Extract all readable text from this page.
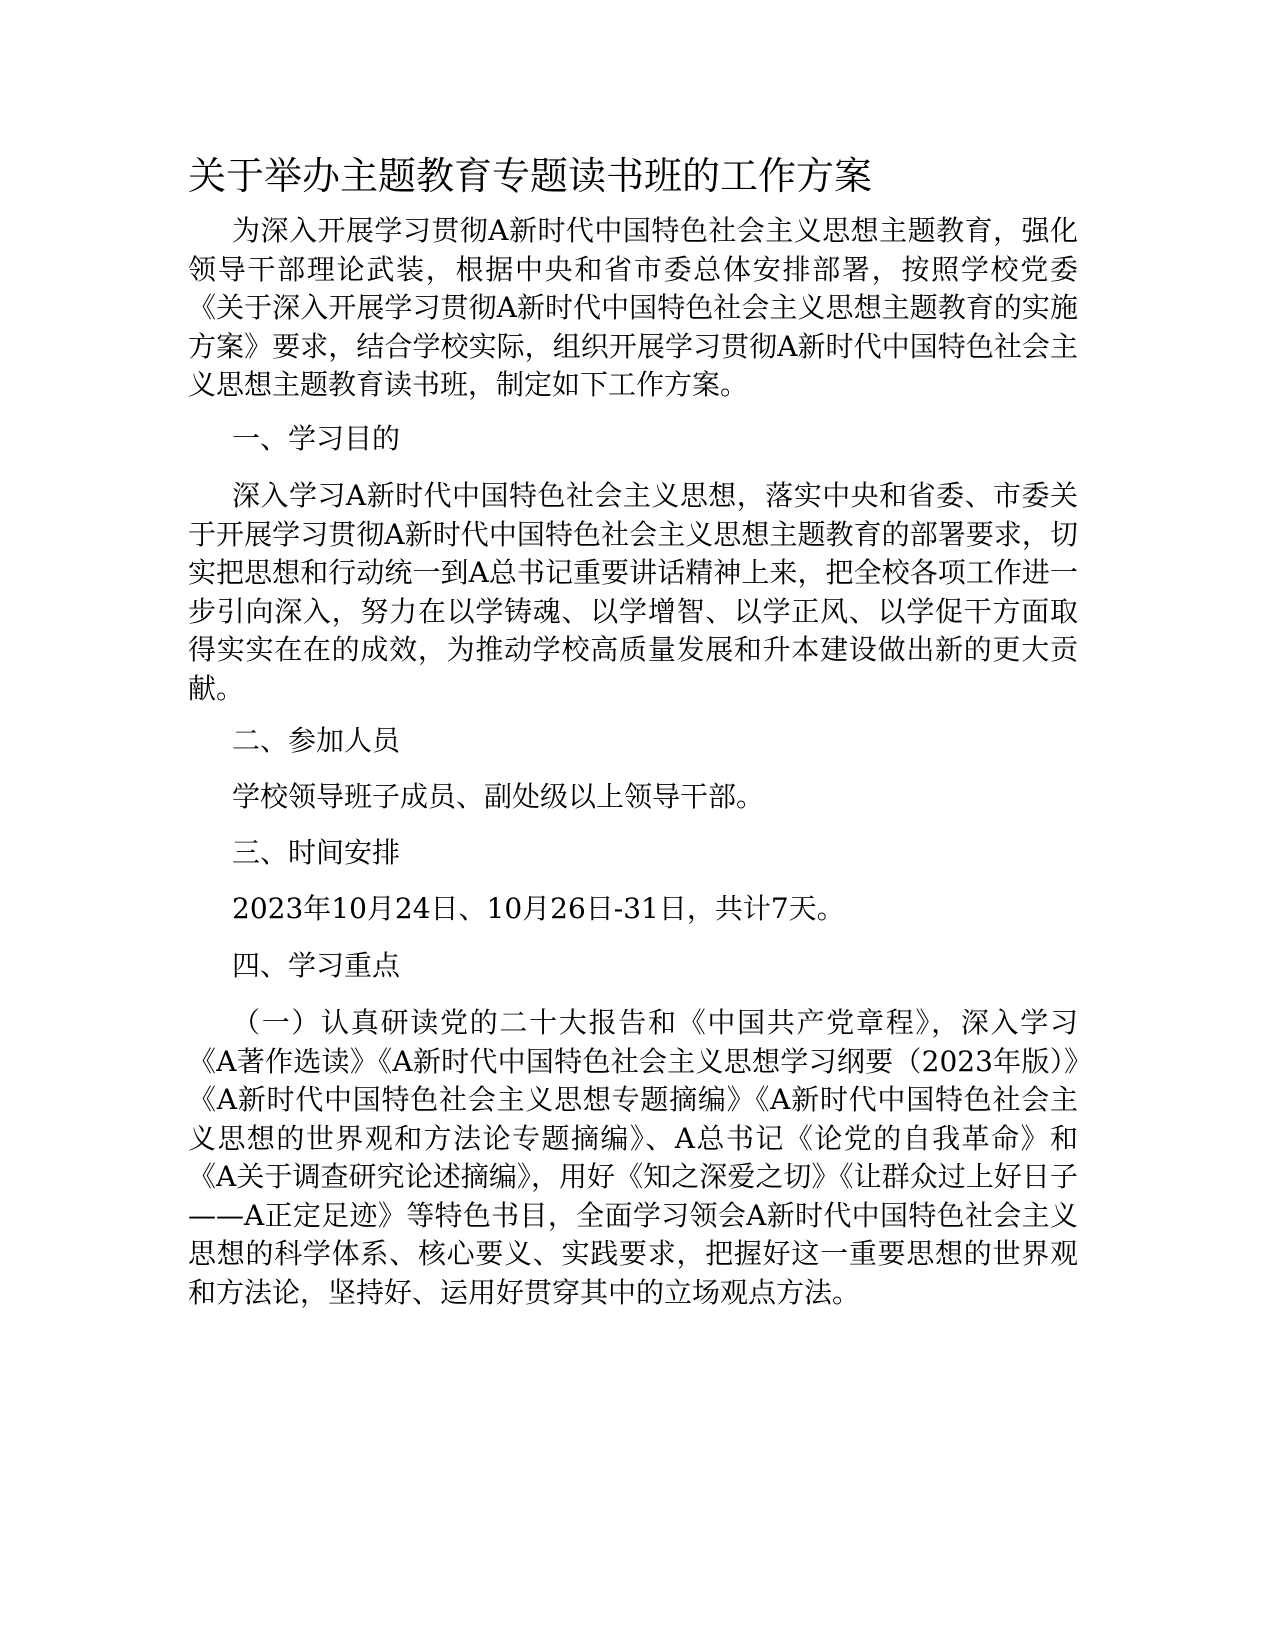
关于举办主题教育专题读书班的工作方案

为深入开展学习贯彻A新时代中国特色社会主义思想主题教育，强化领导干部理论武装，根据中央和省市委总体安排部署，按照学校党委《关于深入开展学习贯彻A新时代中国特色社会主义思想主题教育的实施方案》要求，结合学校实际，组织开展学习贯彻A新时代中国特色社会主义思想主题教育读书班，制定如下工作方案。

一、学习目的

深入学习A新时代中国特色社会主义思想，落实中央和省委、市委关于开展学习贯彻A新时代中国特色社会主义思想主题教育的部署要求，切实把思想和行动统一到A总书记重要讲话精神上来，把全校各项工作进一步引向深入，努力在以学铸魂、以学增智、以学正风、以学促干方面取得实实在在的成效，为推动学校高质量发展和升本建设做出新的更大贡献。

二、参加人员

学校领导班子成员、副处级以上领导干部。

三、时间安排

2023年10月24日、10月26日-31日，共计7天。

四、学习重点

（一）认真研读党的二十大报告和《中国共产党章程》，深入学习《A著作选读》《A新时代中国特色社会主义思想学习纲要（2023年版）》《A新时代中国特色社会主义思想专题摘编》《A新时代中国特色社会主义思想的世界观和方法论专题摘编》、A总书记《论党的自我革命》和《A关于调查研究论述摘编》，用好《知之深爱之切》《让群众过上好日子——A正定足迹》等特色书目，全面学习领会A新时代中国特色社会主义思想的科学体系、核心要义、实践要求，把握好这一重要思想的世界观和方法论，坚持好、运用好贯穿其中的立场观点方法。
